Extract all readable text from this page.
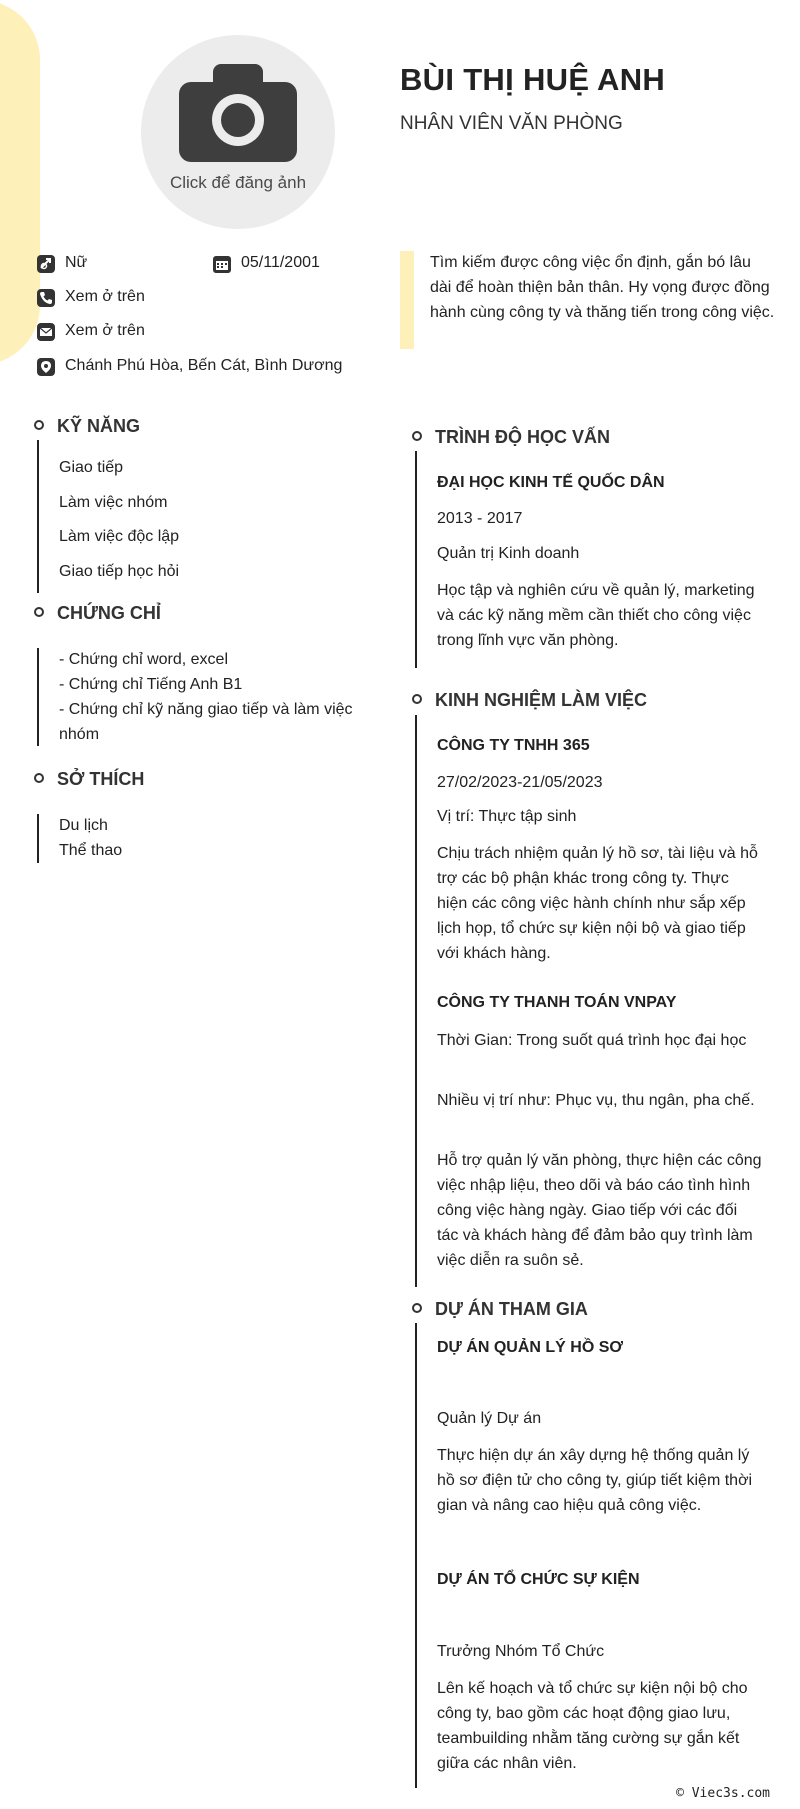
Click để đăng ảnh
BÙI THỊ HUỆ ANH
NHÂN VIÊN VĂN PHÒNG
Nữ	05/11/2001
Xem ở trên
Xem ở trên
Chánh Phú Hòa, Bến Cát, Bình Dương
Tìm kiếm được công việc ổn định, gắn bó lâu dài để hoàn thiện bản thân. Hy vọng được đồng hành cùng công ty và thăng tiến trong công việc.
KỸ NĂNG
Giao tiếp
Làm việc nhóm
Làm việc độc lập
Giao tiếp học hỏi
CHỨNG CHỈ
- Chứng chỉ word, excel
- Chứng chỉ Tiếng Anh B1
- Chứng chỉ kỹ năng giao tiếp và làm việc nhóm
SỞ THÍCH
Du lịch
Thể thao
TRÌNH ĐỘ HỌC VẤN
ĐẠI HỌC KINH TẾ QUỐC DÂN
2013 - 2017
Quản trị Kinh doanh
Học tập và nghiên cứu về quản lý, marketing và các kỹ năng mềm cần thiết cho công việc trong lĩnh vực văn phòng.
KINH NGHIỆM LÀM VIỆC
CÔNG TY TNHH 365
27/02/2023-21/05/2023
Vị trí: Thực tập sinh
Chịu trách nhiệm quản lý hồ sơ, tài liệu và hỗ trợ các bộ phận khác trong công ty. Thực hiện các công việc hành chính như sắp xếp lịch họp, tổ chức sự kiện nội bộ và giao tiếp với khách hàng.
CÔNG TY THANH TOÁN VNPAY
Thời Gian: Trong suốt quá trình học đại học
Nhiều vị trí như: Phục vụ, thu ngân, pha chế.
Hỗ trợ quản lý văn phòng, thực hiện các công việc nhập liệu, theo dõi và báo cáo tình hình công việc hàng ngày. Giao tiếp với các đối tác và khách hàng để đảm bảo quy trình làm việc diễn ra suôn sẻ.
DỰ ÁN THAM GIA
DỰ ÁN QUẢN LÝ HỒ SƠ
Quản lý Dự án
Thực hiện dự án xây dựng hệ thống quản lý hồ sơ điện tử cho công ty, giúp tiết kiệm thời gian và nâng cao hiệu quả công việc.
DỰ ÁN TỔ CHỨC SỰ KIỆN
Trưởng Nhóm Tổ Chức
Lên kế hoạch và tổ chức sự kiện nội bộ cho công ty, bao gồm các hoạt động giao lưu, teambuilding nhằm tăng cường sự gắn kết giữa các nhân viên.
© Viec3s.com
